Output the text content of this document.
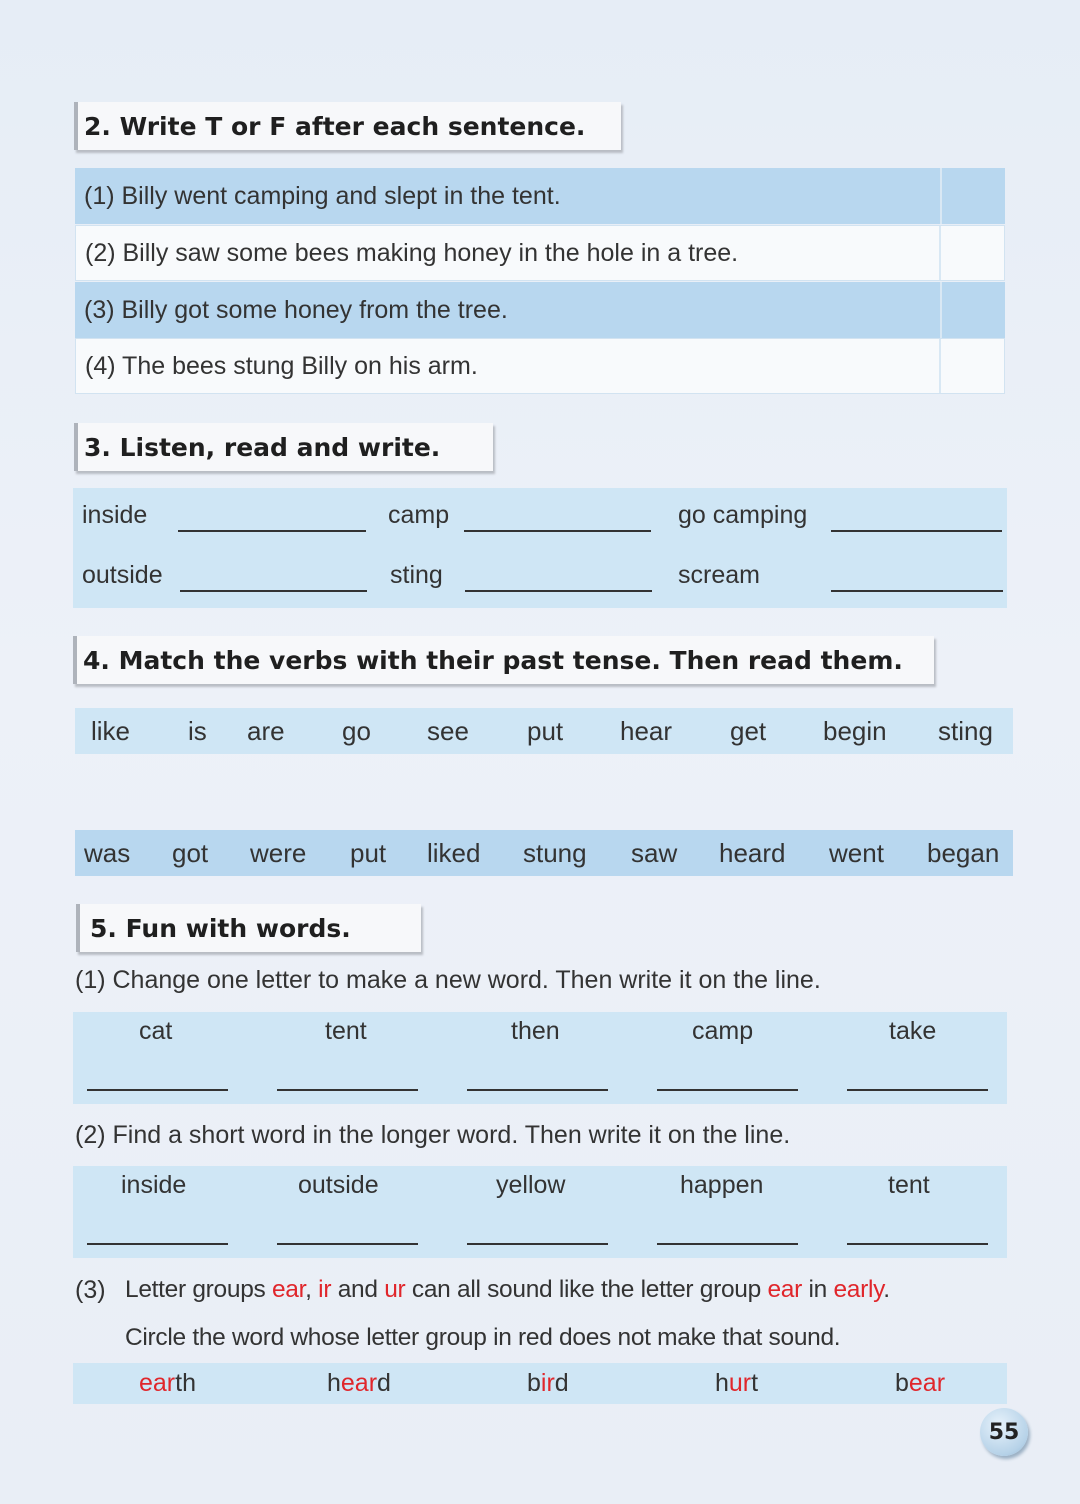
2. Write T or F after each sentence.
(1) Billy went camping and slept in the tent.
(2) Billy saw some bees making honey in the hole in a tree.
(3) Billy got some honey from the tree.
(4) The bees stung Billy on his arm.
3. Listen, read and write.
inside	camp	go camping
outside	sting	scream
4. Match the verbs with their past tense. Then read them.
like is are go see put hear get begin sting
was got were put liked stung saw heard went began
5. Fun with words.
(1) Change one letter to make a new word. Then write it on the line.
cat	tent	then	camp	take
(2) Find a short word in the longer word. Then write it on the line.
inside	outside	yellow	happen	tent
(3) Letter groups ear, ir and ur can all sound like the letter group ear in early.
Circle the word whose letter group in red does not make that sound.
earth	heard	bird	hurt	bear
55
